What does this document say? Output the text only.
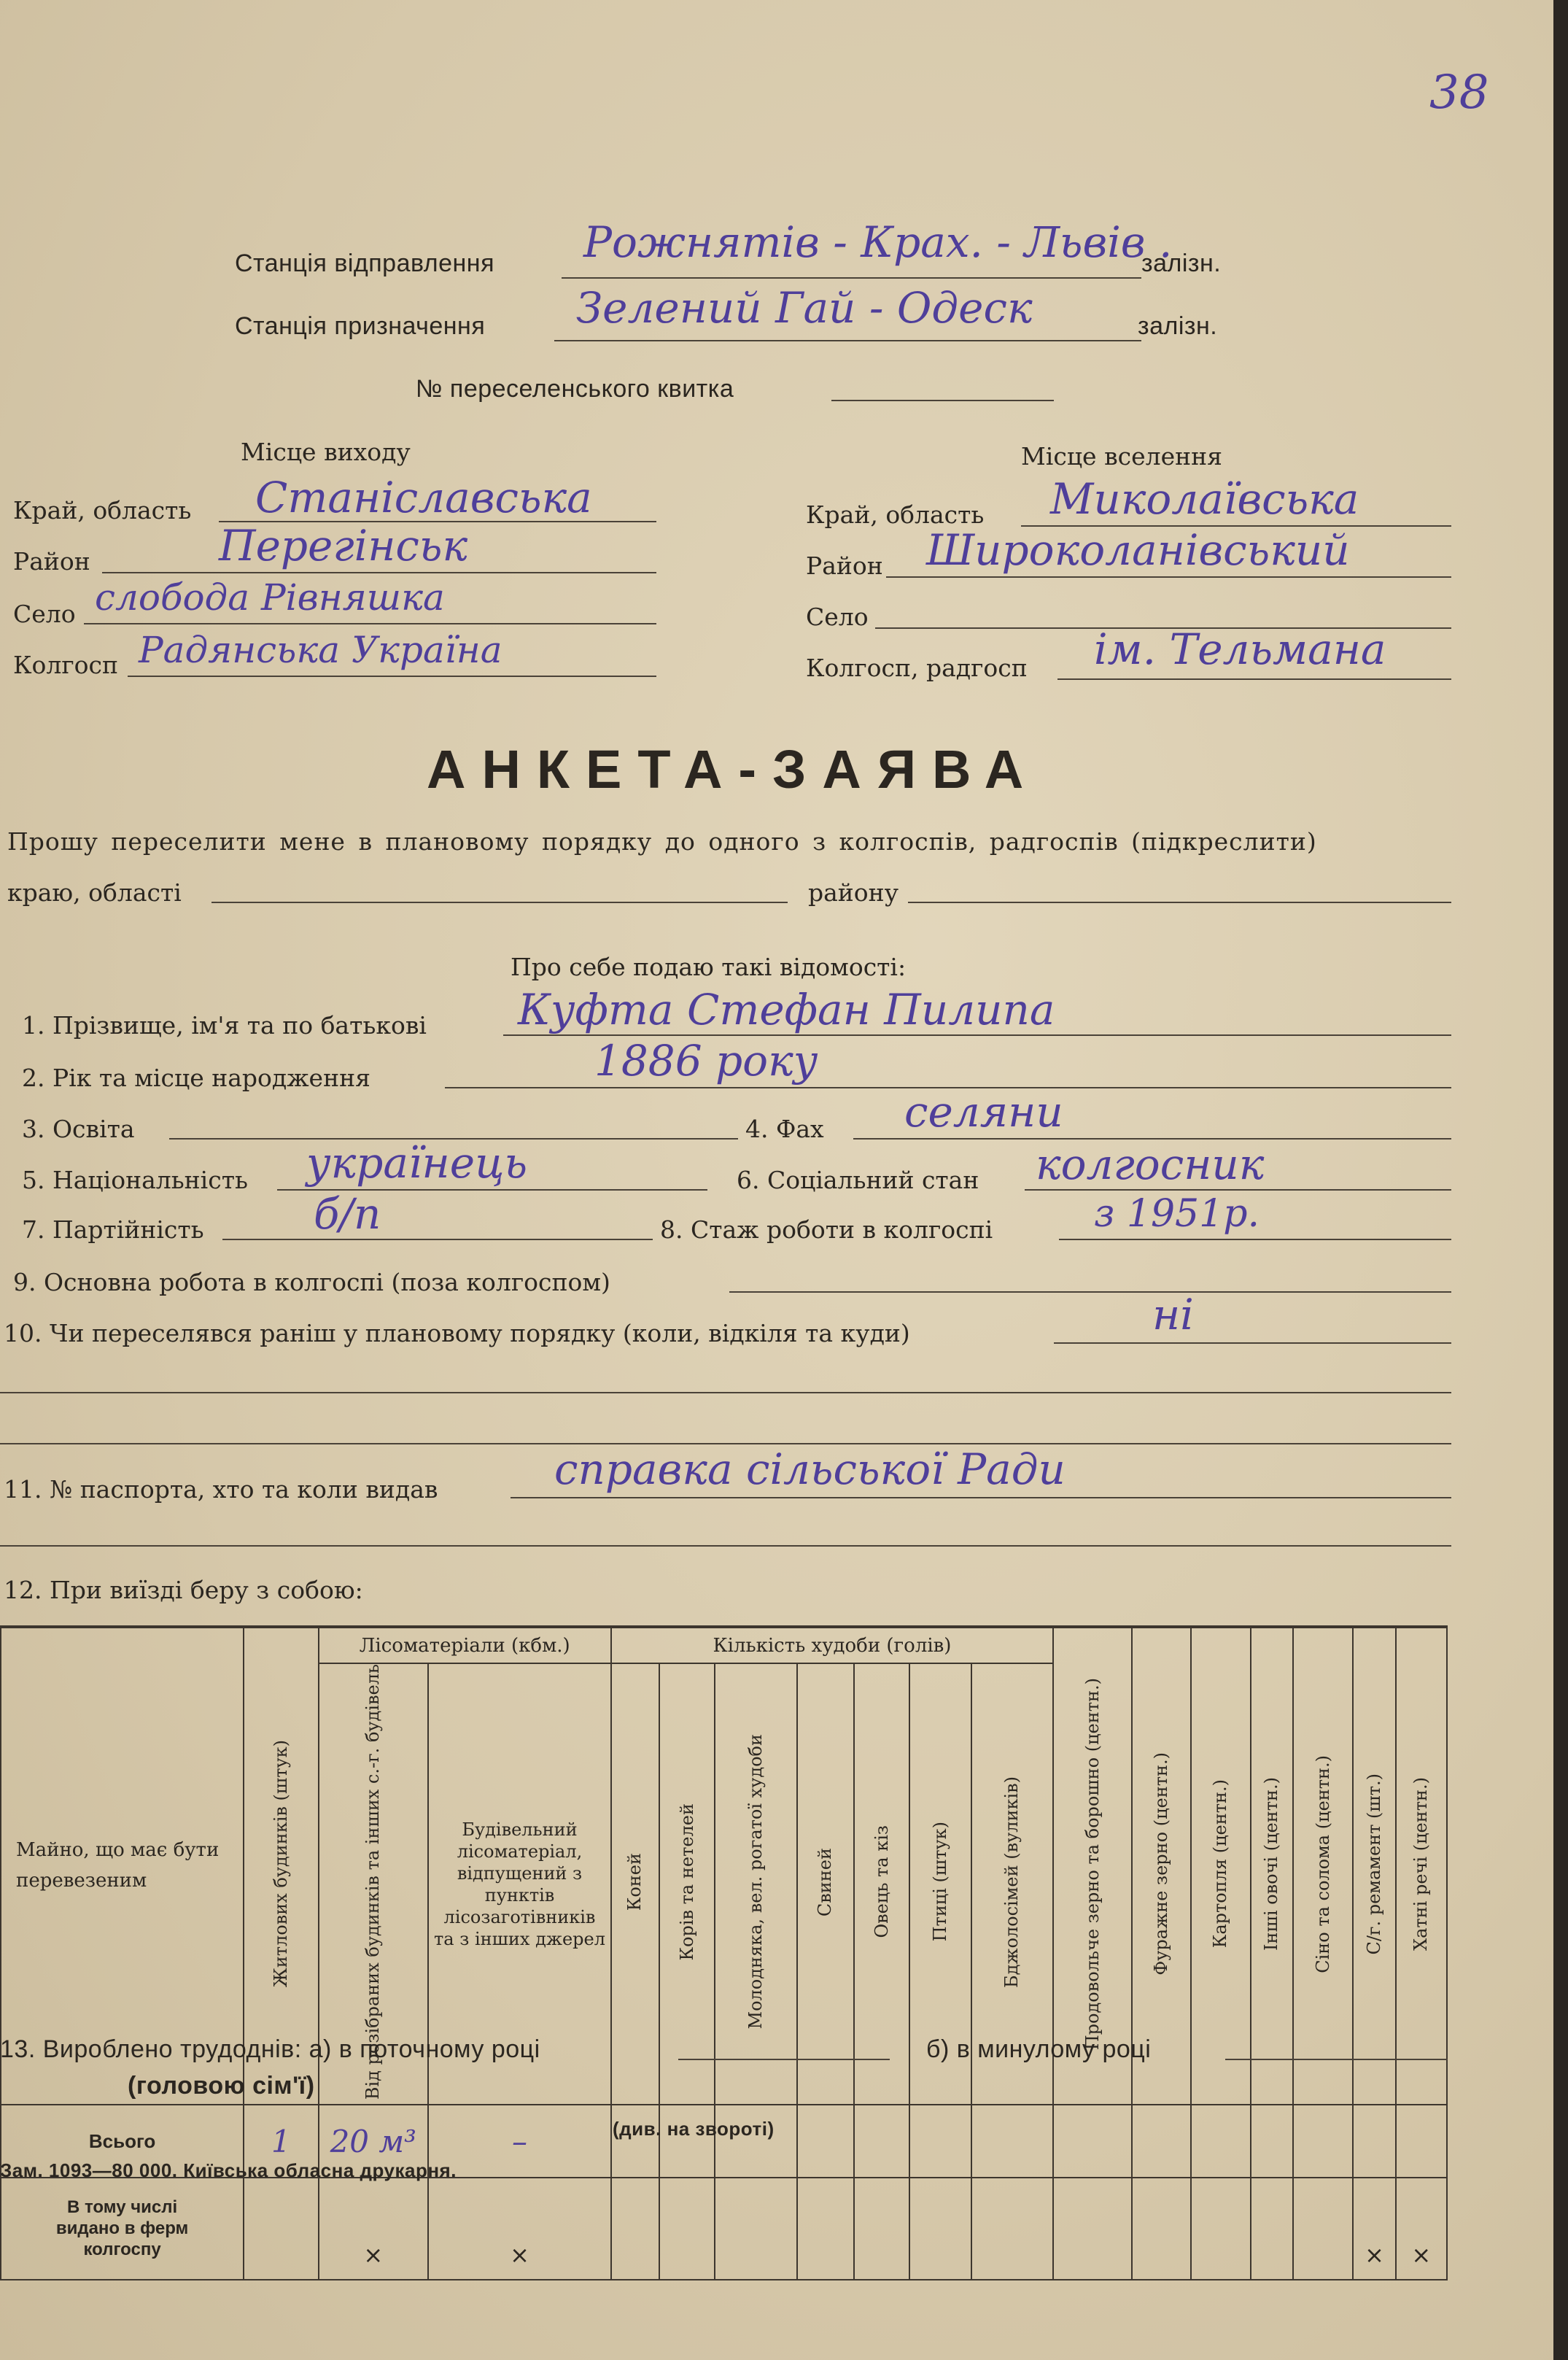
38
Станція відправлення Рожнятів - Крах. - Львів .
залізн.
Станція призначення Зелений Гай - Одеск	залізн.
№ переселенського квитка
Місце виходу
Край, область Станіславська
Район	Перегінськ
Село слобода Рівняшка
Колгосп Радянська Україна
Місце вселення
Край, область Миколаївська
Район Широколанівський
Село
Колгосп, радгосп ім. Тельмана
АНКЕТА-ЗАЯВА
Прошу переселити мене в плановому порядку до одного з колгоспів, радгоспів (підкреслити)
краю, області	району
Про себе подаю такі відомості:
1. Прізвище, ім'я та по батькові Куфта Стефан Пилипа
2. Рік та місце народження	1886 року
3. Освіта	4. Фах селяни
5. Національність українець	6. Соціальний стан колгосник
7. Партійність	б/п	8. Стаж роботи в колгоспі	з 1951р.
9. Основна робота в колгоспі (поза колгоспом)
10. Чи переселявся раніш у плановому порядку (коли, відкіля та куди)	ні
11. № паспорта, хто та коли видав	справка сільської Ради
12. При виїзді беру з собою:
Майно, що має бути перевезеним	Житлових будинків (штук)	Лісоматеріали (кбм.)		Кількість худоби (голів)							Продовольче зерно та борошно (центн.)	Фуражне зерно (центн.)	Картопля (центн.)	Інші овочі (центн.)	Сіно та солома (центн.)	С/г. ремамент (шт.)	Хатні речі (центн.)
		Від розібраних будинків та інших с.-г. будівель	Будівельний лісоматеріал, відпущений з пунктів лісозаготівників та з інших джерел	Коней	Корів та нетелей	Молодняка, вел. рогатої худоби	Свиней	Овець та кіз	Птиці (штук)	Бджолосімей (вуликів)							
Всього	1	20 м³	–														
В тому числі видано в ферм колгоспу		×	×													×	×
13. Вироблено трудоднів: а) в поточному році	б) в минулому році
(головою сім'ї)
(див. на звороті)
Зам. 1093—80 000. Київська обласна друкарня.
